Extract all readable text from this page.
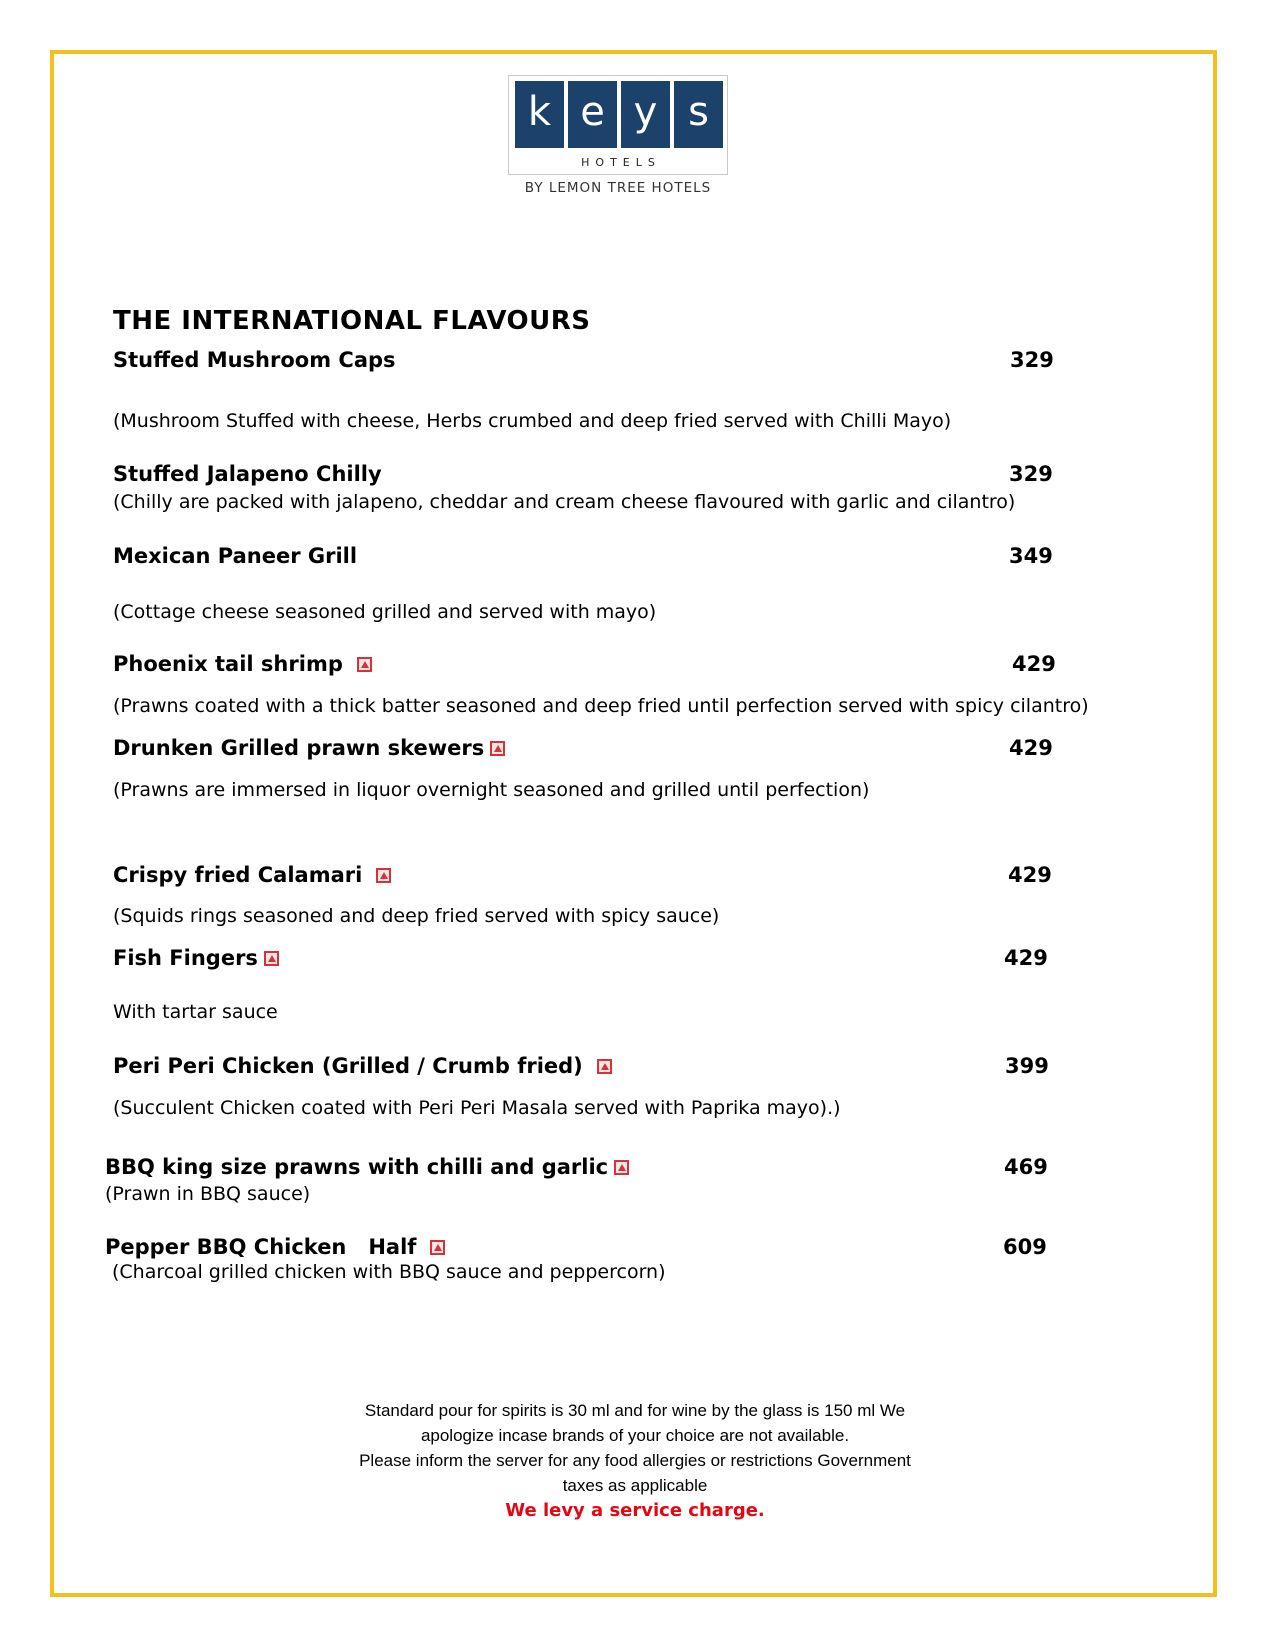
k e y s
HOTELS
BY LEMON TREE HOTELS
THE INTERNATIONAL FLAVOURS
Stuffed Mushroom Caps	329
(Mushroom Stuffed with cheese, Herbs crumbed and deep fried served with Chilli Mayo)
Stuffed Jalapeno Chilly	329
(Chilly are packed with jalapeno, cheddar and cream cheese flavoured with garlic and cilantro)
Mexican Paneer Grill	349
(Cottage cheese seasoned grilled and served with mayo)
Phoenix tail shrimp	429
(Prawns coated with a thick batter seasoned and deep fried until perfection served with spicy cilantro)
Drunken Grilled prawn skewers	429
(Prawns are immersed in liquor overnight seasoned and grilled until perfection)
Crispy fried Calamari	429
(Squids rings seasoned and deep fried served with spicy sauce)
Fish Fingers	429
With tartar sauce
Peri Peri Chicken (Grilled / Crumb fried)	399
(Succulent Chicken coated with Peri Peri Masala served with Paprika mayo).)
BBQ king size prawns with chilli and garlic	469
(Prawn in BBQ sauce)
Pepper BBQ Chicken   Half	609
(Charcoal grilled chicken with BBQ sauce and peppercorn)
Standard pour for spirits is 30 ml and for wine by the glass is 150 ml We
apologize incase brands of your choice are not available.
Please inform the server for any food allergies or restrictions Government
taxes as applicable
We levy a service charge.
